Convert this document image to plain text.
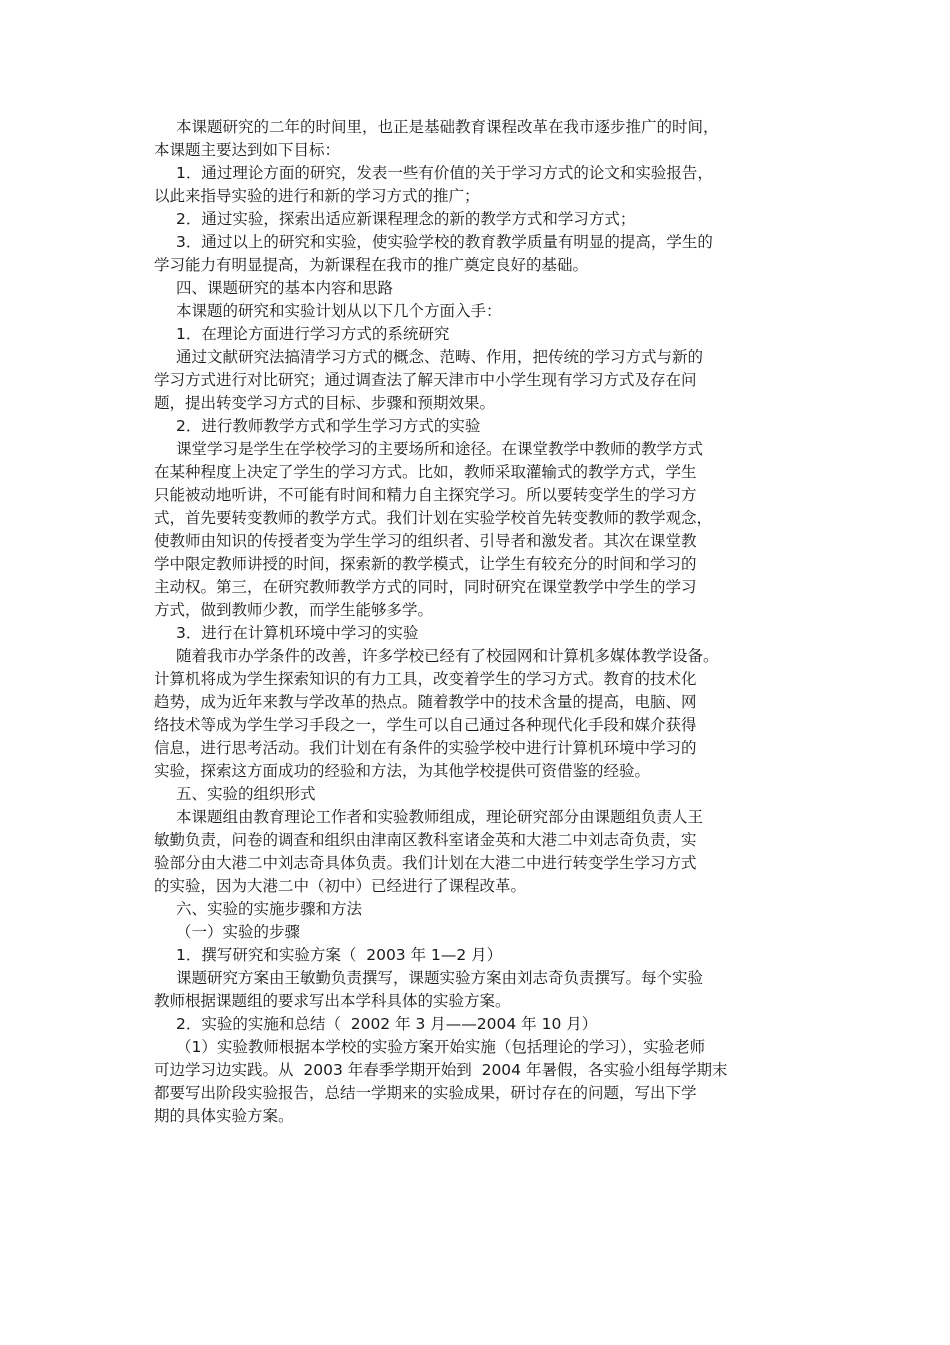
本课题研究的二年的时间里，也正是基础教育课程改革在我市逐步推广的时间，
本课题主要达到如下目标：
1．通过理论方面的研究，发表一些有价值的关于学习方式的论文和实验报告，
以此来指导实验的进行和新的学习方式的推广；
2．通过实验，探索出适应新课程理念的新的教学方式和学习方式；
3．通过以上的研究和实验，使实验学校的教育教学质量有明显的提高，学生的
学习能力有明显提高，为新课程在我市的推广奠定良好的基础。
四、课题研究的基本内容和思路
本课题的研究和实验计划从以下几个方面入手：
1．在理论方面进行学习方式的系统研究
通过文献研究法搞清学习方式的概念、范畴、作用，把传统的学习方式与新的
学习方式进行对比研究；通过调查法了解天津市中小学生现有学习方式及存在问
题，提出转变学习方式的目标、步骤和预期效果。
2．进行教师教学方式和学生学习方式的实验
课堂学习是学生在学校学习的主要场所和途径。在课堂教学中教师的教学方式
在某种程度上决定了学生的学习方式。比如，教师采取灌输式的教学方式，学生
只能被动地听讲，不可能有时间和精力自主探究学习。所以要转变学生的学习方
式，首先要转变教师的教学方式。我们计划在实验学校首先转变教师的教学观念，
使教师由知识的传授者变为学生学习的组织者、引导者和激发者。其次在课堂教
学中限定教师讲授的时间，探索新的教学模式，让学生有较充分的时间和学习的
主动权。第三，在研究教师教学方式的同时，同时研究在课堂教学中学生的学习
方式，做到教师少教，而学生能够多学。
3．进行在计算机环境中学习的实验
随着我市办学条件的改善，许多学校已经有了校园网和计算机多媒体教学设备。
计算机将成为学生探索知识的有力工具，改变着学生的学习方式。教育的技术化
趋势，成为近年来教与学改革的热点。随着教学中的技术含量的提高，电脑、网
络技术等成为学生学习手段之一，学生可以自己通过各种现代化手段和媒介获得
信息，进行思考活动。我们计划在有条件的实验学校中进行计算机环境中学习的
实验，探索这方面成功的经验和方法，为其他学校提供可资借鉴的经验。
五、实验的组织形式
本课题组由教育理论工作者和实验教师组成，理论研究部分由课题组负责人王
敏勤负责，问卷的调查和组织由津南区教科室诸金英和大港二中刘志奇负责，实
验部分由大港二中刘志奇具体负责。我们计划在大港二中进行转变学生学习方式
的实验，因为大港二中（初中）已经进行了课程改革。
六、实验的实施步骤和方法
（一）实验的步骤
1．撰写研究和实验方案（  2003 年 1—2 月）
课题研究方案由王敏勤负责撰写，课题实验方案由刘志奇负责撰写。每个实验
教师根据课题组的要求写出本学科具体的实验方案。
2．实验的实施和总结（  2002 年 3 月——2004 年 10 月）
（1）实验教师根据本学校的实验方案开始实施（包括理论的学习），实验老师
可边学习边实践。从  2003 年春季学期开始到  2004 年暑假，各实验小组每学期末
都要写出阶段实验报告，总结一学期来的实验成果，研讨存在的问题，写出下学
期的具体实验方案。
